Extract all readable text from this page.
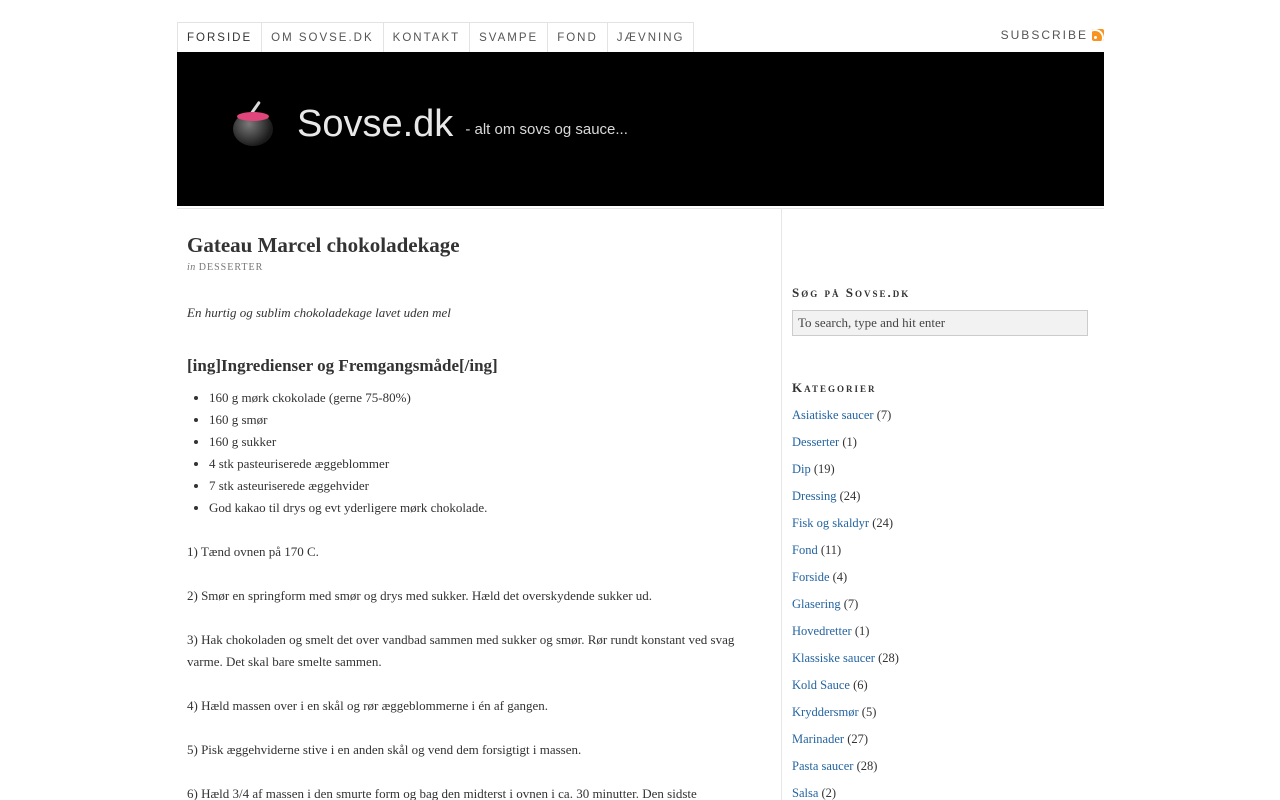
FORSIDE	OM SOVSE.DK	KONTAKT	SVAMPE	FOND	JÆVNING	SUBSCRIBE
Sovse.dk - alt om sovs og sauce...
Gateau Marcel chokoladekage
in DESSERTER

En hurtig og sublim chokoladekage lavet uden mel

[ing]Ingredienser og Fremgangsmåde[/ing]
• 160 g mørk ckokolade (gerne 75-80%)
• 160 g smør
• 160 g sukker
• 4 stk pasteuriserede æggeblommer
• 7 stk asteuriserede æggehvider
• God kakao til drys og evt yderligere mørk chokolade.

1) Tænd ovnen på 170 C.

2) Smør en springform med smør og drys med sukker. Hæld det overskydende sukker ud.

3) Hak chokoladen og smelt det over vandbad sammen med sukker og smør. Rør rundt konstant ved svag varme. Det skal bare smelte sammen.

4) Hæld massen over i en skål og rør æggeblommerne i én af gangen.

5) Pisk æggehviderne stive i en anden skål og vend dem forsigtigt i massen.

6) Hæld 3/4 af massen i den smurte form og bag den midterst i ovnen i ca. 30 minutter. Den sidste

Søg på Sovse.dk
To search, type and hit enter
Kategorier
Asiatiske saucer (7)
Desserter (1)
Dip (19)
Dressing (24)
Fisk og skaldyr (24)
Fond (11)
Forside (4)
Glasering (7)
Hovedretter (1)
Klassiske saucer (28)
Kold Sauce (6)
Kryddersmør (5)
Marinader (27)
Pasta saucer (28)
Salsa (2)
